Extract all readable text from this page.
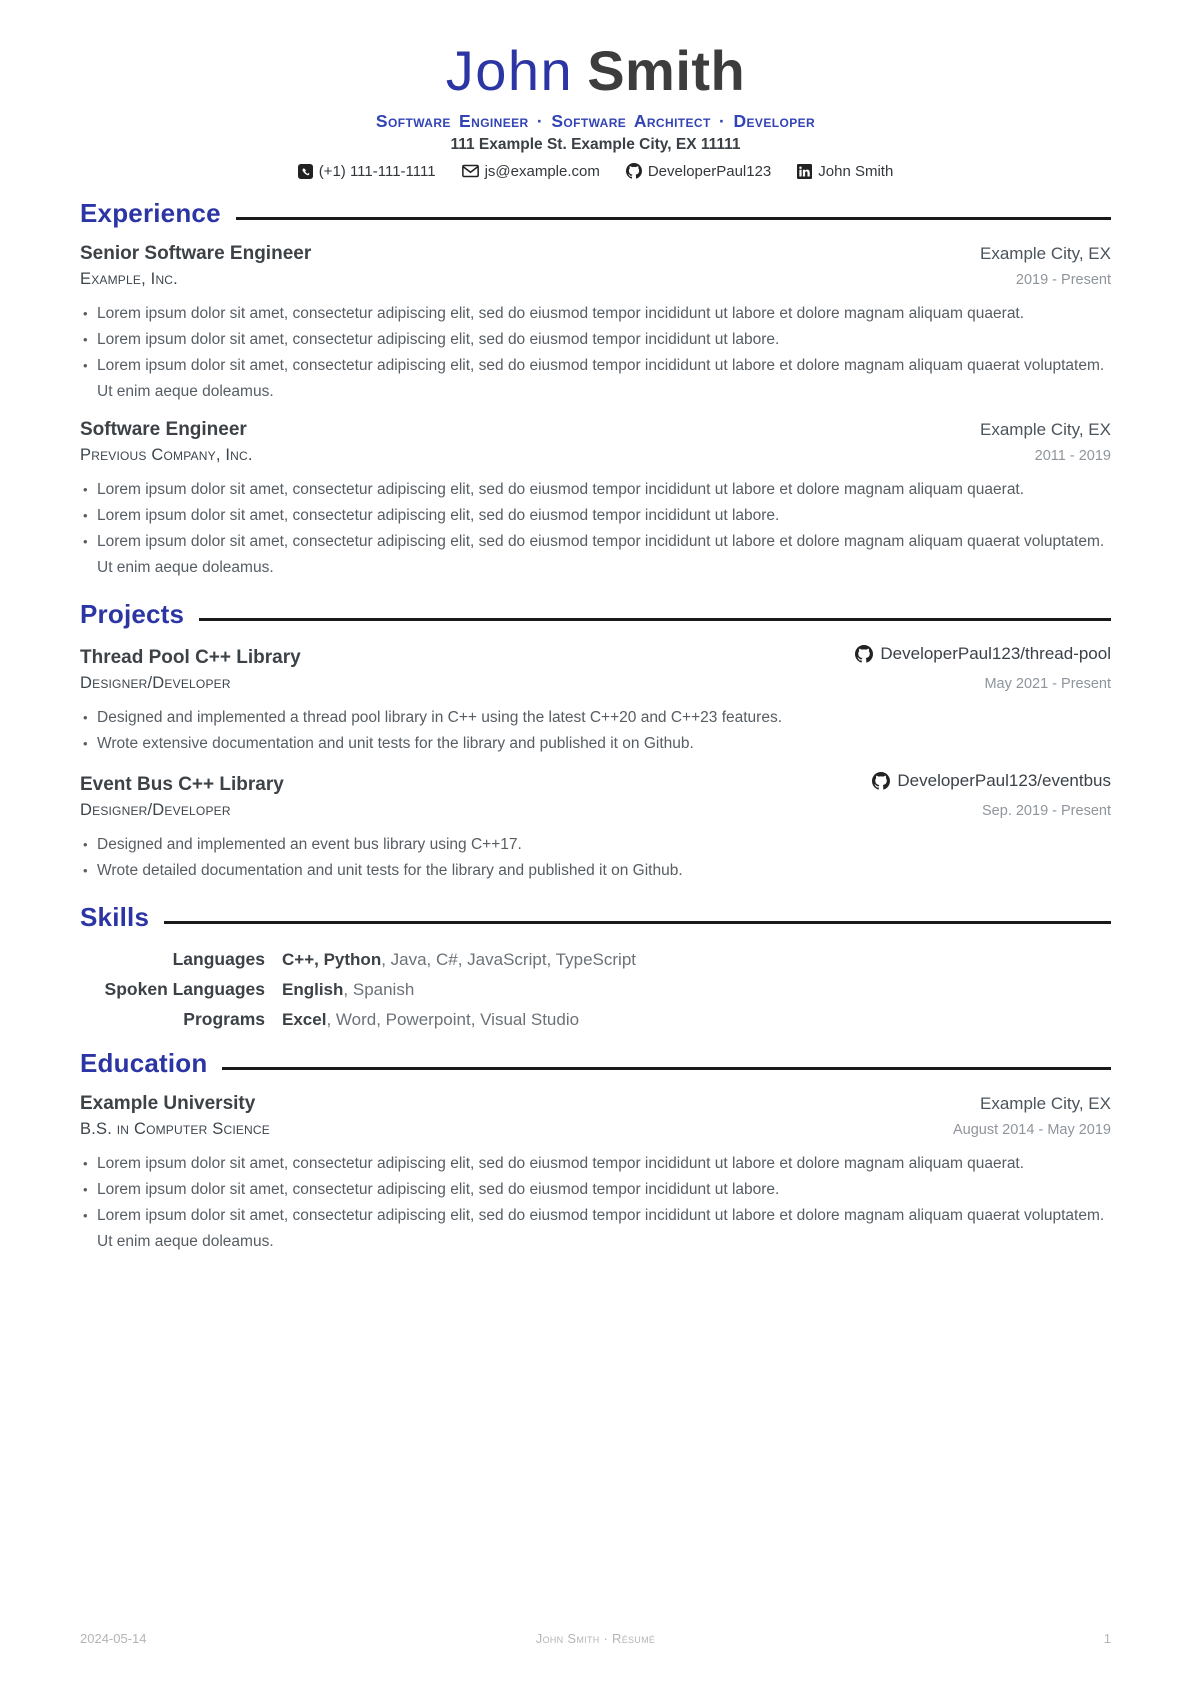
John Smith
Software Engineer · Software Architect · Developer
111 Example St. Example City, EX 11111
(+1) 111-111-1111	js@example.com	DeveloperPaul123	John Smith
Experience
Senior Software Engineer	Example City, EX
Example, Inc.	2019 - Present
• Lorem ipsum dolor sit amet, consectetur adipiscing elit, sed do eiusmod tempor incididunt ut labore et dolore magnam aliquam quaerat.
• Lorem ipsum dolor sit amet, consectetur adipiscing elit, sed do eiusmod tempor incididunt ut labore.
• Lorem ipsum dolor sit amet, consectetur adipiscing elit, sed do eiusmod tempor incididunt ut labore et dolore magnam aliquam quaerat voluptatem. Ut enim aeque doleamus.
Software Engineer	Example City, EX
Previous Company, Inc.	2011 - 2019
• Lorem ipsum dolor sit amet, consectetur adipiscing elit, sed do eiusmod tempor incididunt ut labore et dolore magnam aliquam quaerat.
• Lorem ipsum dolor sit amet, consectetur adipiscing elit, sed do eiusmod tempor incididunt ut labore.
• Lorem ipsum dolor sit amet, consectetur adipiscing elit, sed do eiusmod tempor incididunt ut labore et dolore magnam aliquam quaerat voluptatem. Ut enim aeque doleamus.
Projects
Thread Pool C++ Library	DeveloperPaul123/thread-pool
Designer/Developer	May 2021 - Present
• Designed and implemented a thread pool library in C++ using the latest C++20 and C++23 features.
• Wrote extensive documentation and unit tests for the library and published it on Github.
Event Bus C++ Library	DeveloperPaul123/eventbus
Designer/Developer	Sep. 2019 - Present
• Designed and implemented an event bus library using C++17.
• Wrote detailed documentation and unit tests for the library and published it on Github.
Skills
Languages C++, Python, Java, C#, JavaScript, TypeScript
Spoken Languages English, Spanish
Programs Excel, Word, Powerpoint, Visual Studio
Education
Example University	Example City, EX
B.S. in Computer Science	August 2014 - May 2019
• Lorem ipsum dolor sit amet, consectetur adipiscing elit, sed do eiusmod tempor incididunt ut labore et dolore magnam aliquam quaerat.
• Lorem ipsum dolor sit amet, consectetur adipiscing elit, sed do eiusmod tempor incididunt ut labore.
• Lorem ipsum dolor sit amet, consectetur adipiscing elit, sed do eiusmod tempor incididunt ut labore et dolore magnam aliquam quaerat voluptatem. Ut enim aeque doleamus.
2024-05-14	John Smith · Résumé	1
